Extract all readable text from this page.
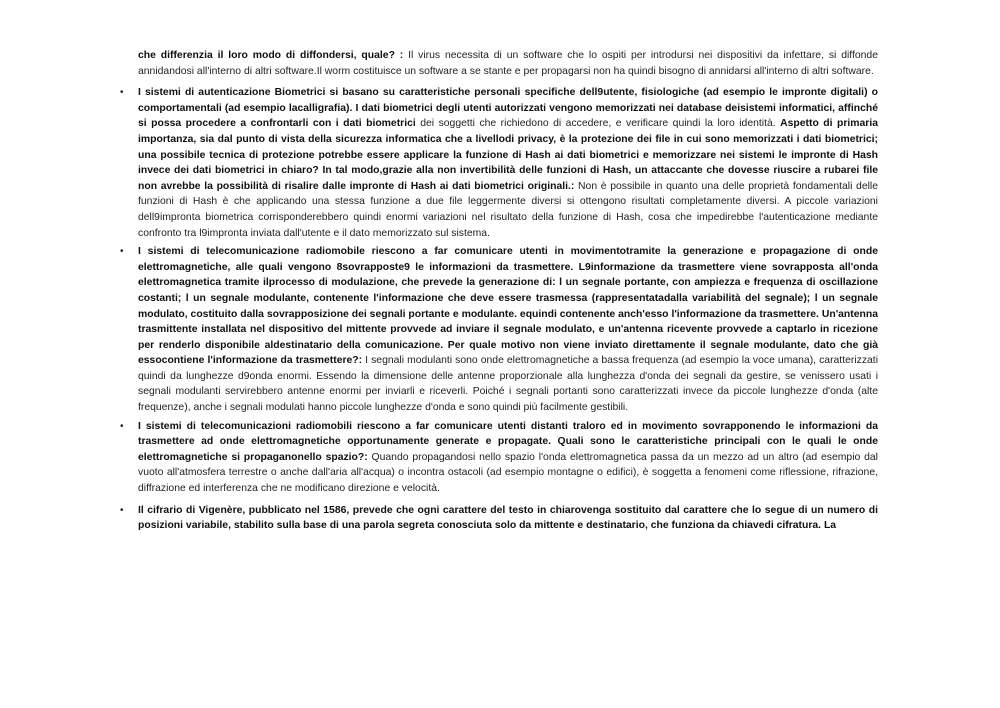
che differenzia il loro modo di diffondersi, quale? : Il virus necessita di un software che lo ospiti per introdursi nei dispositivi da infettare, si diffonde annidandosi all'interno di altri software.Il worm costituisce un software a se stante e per propagarsi non ha quindi bisogno di annidarsi all'interno di altri software.

• I sistemi di autenticazione Biometrici si basano su caratteristiche personali specifiche dell9utente, fisiologiche (ad esempio le impronte digitali) o comportamentali (ad esempio lacalligrafia). I dati biometrici degli utenti autorizzati vengono memorizzati nei database deisistemi informatici, affinché si possa procedere a confrontarli con i dati biometrici dei soggetti che richiedono di accedere, e verificare quindi la loro identità. Aspetto di primaria importanza, sia dal punto di vista della sicurezza informatica che a livellodi privacy, è la protezione dei file in cui sono memorizzati i dati biometrici; una possibile tecnica di protezione potrebbe essere applicare la funzione di Hash ai dati biometrici e memorizzare nei sistemi le impronte di Hash invece dei dati biometrici in chiaro? In tal modo,grazie alla non invertibilità delle funzioni di Hash, un attaccante che dovesse riuscire a rubarei file non avrebbe la possibilità di risalire dalle impronte di Hash ai dati biometrici originali.: Non è possibile in quanto una delle proprietà fondamentali delle funzioni di Hash è che applicando una stessa funzione a due file leggermente diversi si ottengono risultati completamente diversi. A piccole variazioni dell9impronta biometrica corrisponderebbero quindi enormi variazioni nel risultato della funzione di Hash, cosa che impedirebbe l'autenticazione mediante confronto tra l9impronta inviata dall'utente e il dato memorizzato sul sistema.

• I sistemi di telecomunicazione radiomobile riescono a far comunicare utenti in movimentotramite la generazione e propagazione di onde elettromagnetiche, alle quali vengono 8sovrapposte9 le informazioni da trasmettere. L9informazione da trasmettere viene sovrapposta all'onda elettromagnetica tramite ilprocesso di modulazione, che prevede la generazione di: l un segnale portante, con ampiezza e frequenza di oscillazione costanti; l un segnale modulante, contenente l'informazione che deve essere trasmessa (rappresentatadalla variabilità del segnale); l un segnale modulato, costituito dalla sovrapposizione dei segnali portante e modulante. equindi contenente anch'esso l'informazione da trasmettere. Un'antenna trasmittente installata nel dispositivo del mittente provvede ad inviare il segnale modulato, e un'antenna ricevente provvede a captarlo in ricezione per renderlo disponibile aldestinatario della comunicazione. Per quale motivo non viene inviato direttamente il segnale modulante, dato che già essocontiene l'informazione da trasmettere?: I segnali modulanti sono onde elettromagnetiche a bassa frequenza (ad esempio la voce umana), caratterizzati quindi da lunghezze d9onda enormi. Essendo la dimensione delle antenne proporzionale alla lunghezza d'onda dei segnali da gestire, se venissero usati i segnali modulanti servirebbero antenne enormi per inviarli e riceverli. Poiché i segnali portanti sono caratterizzati invece da piccole lunghezze d'onda (alte frequenze), anche i segnali modulati hanno piccole lunghezze d'onda e sono quindi più facilmente gestibili.

• I sistemi di telecomunicazioni radiomobili riescono a far comunicare utenti distanti traloro ed in movimento sovrapponendo le informazioni da trasmettere ad onde elettromagnetiche opportunamente generate e propagate. Quali sono le caratteristiche principali con le quali le onde elettromagnetiche si propaganonello spazio?: Quando propagandosi nello spazio l'onda elettromagnetica passa da un mezzo ad un altro (ad esempio dal vuoto all'atmosfera terrestre o anche dall'aria all'acqua) o incontra ostacoli (ad esempio montagne o edifici), è soggetta a fenomeni come riflessione, rifrazione, diffrazione ed interferenza che ne modificano direzione e velocità.

• Il cifrario di Vigenère, pubblicato nel 1586, prevede che ogni carattere del testo in chiarovenga sostituito dal carattere che lo segue di un numero di posizioni variabile, stabilito sulla base di una parola segreta conosciuta solo da mittente e destinatario, che funziona da chiavedi cifratura. La
